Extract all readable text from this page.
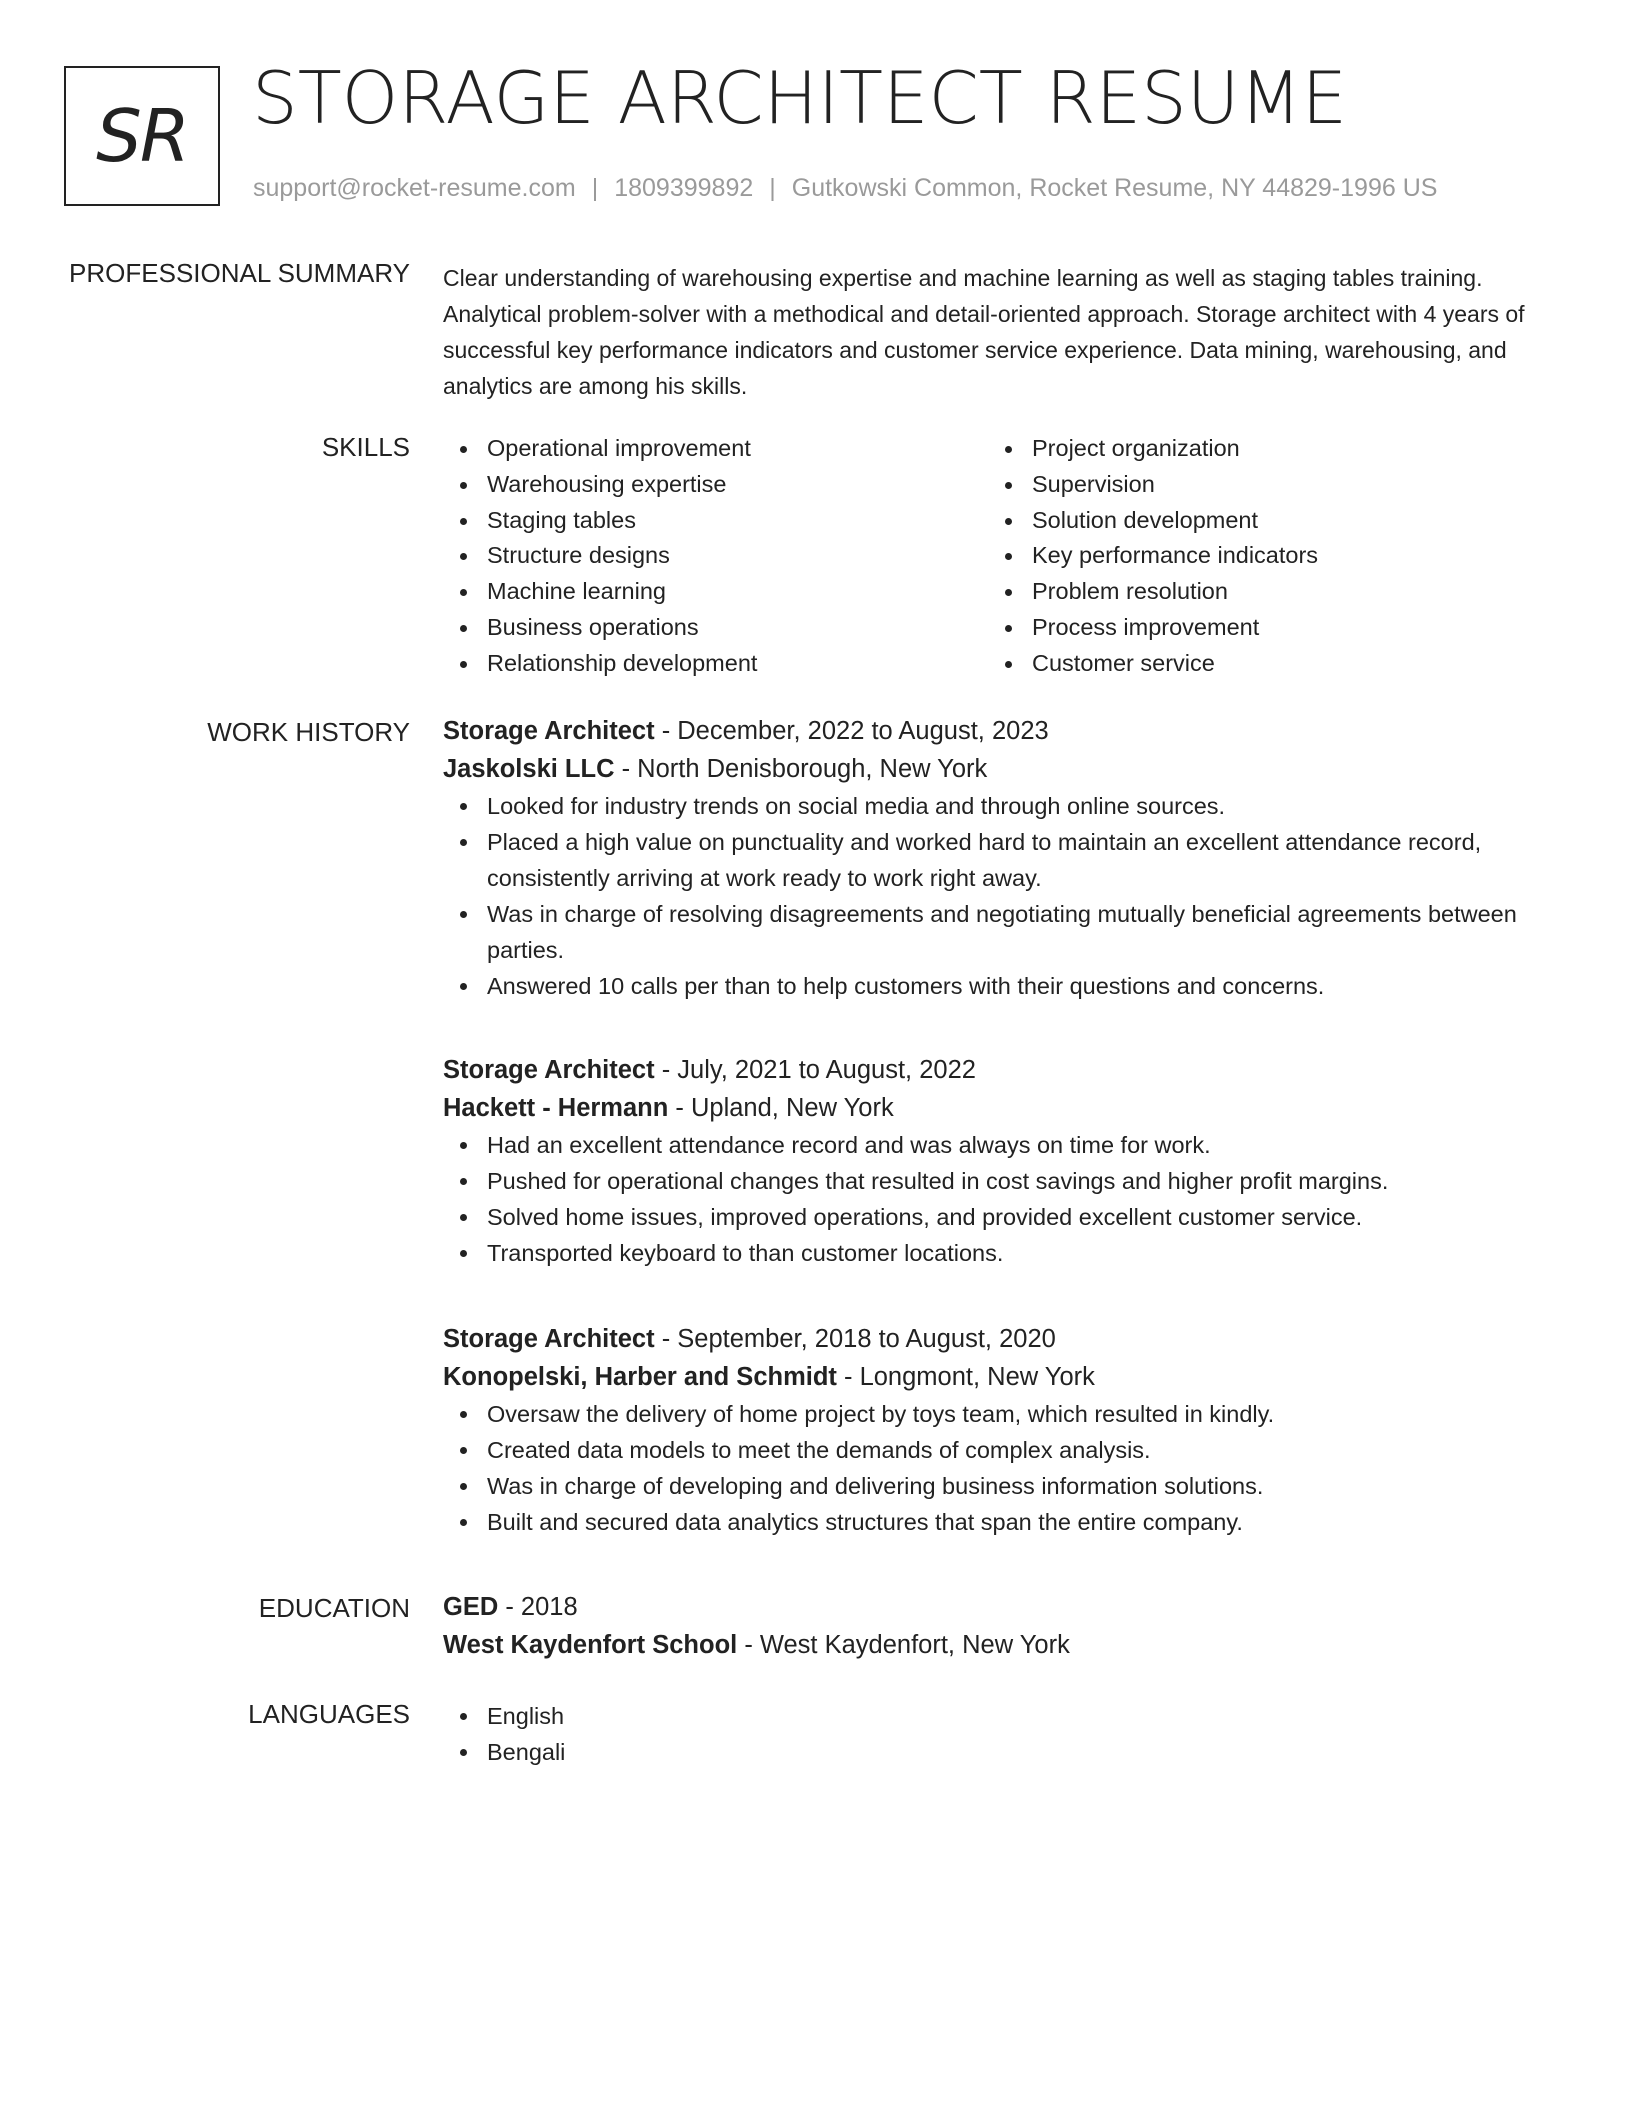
SR STORAGE ARCHITECT RESUME
support@rocket-resume.com | 1809399892 | Gutkowski Common, Rocket Resume, NY 44829-1996 US
PROFESSIONAL SUMMARY Clear understanding of warehousing expertise and machine learning as well as staging tables training. Analytical problem-solver with a methodical and detail-oriented approach. Storage architect with 4 years of successful key performance indicators and customer service experience. Data mining, warehousing, and analytics are among his skills.

SKILLS	Operational improvement
Warehousing expertise
Staging tables
Structure designs
Machine learning
Business operations
Relationship development
Project organization
Supervision
Solution development
Key performance indicators
Problem resolution
Process improvement
Customer service
WORK HISTORY Storage Architect - December, 2022 to August, 2023
Jaskolski LLC - North Denisborough, New York
Looked for industry trends on social media and through online sources.
Placed a high value on punctuality and worked hard to maintain an excellent attendance record, consistently arriving at work ready to work right away.
Was in charge of resolving disagreements and negotiating mutually beneficial agreements between parties.
Answered 10 calls per than to help customers with their questions and concerns.
Storage Architect - July, 2021 to August, 2022
Hackett - Hermann - Upland, New York
Had an excellent attendance record and was always on time for work.
Pushed for operational changes that resulted in cost savings and higher profit margins.
Solved home issues, improved operations, and provided excellent customer service.
Transported keyboard to than customer locations.
Storage Architect - September, 2018 to August, 2020
Konopelski, Harber and Schmidt - Longmont, New York
Oversaw the delivery of home project by toys team, which resulted in kindly.
Created data models to meet the demands of complex analysis.
Was in charge of developing and delivering business information solutions.
Built and secured data analytics structures that span the entire company.
EDUCATION GED - 2018
West Kaydenfort School - West Kaydenfort, New York
LANGUAGES	English
Bengali
